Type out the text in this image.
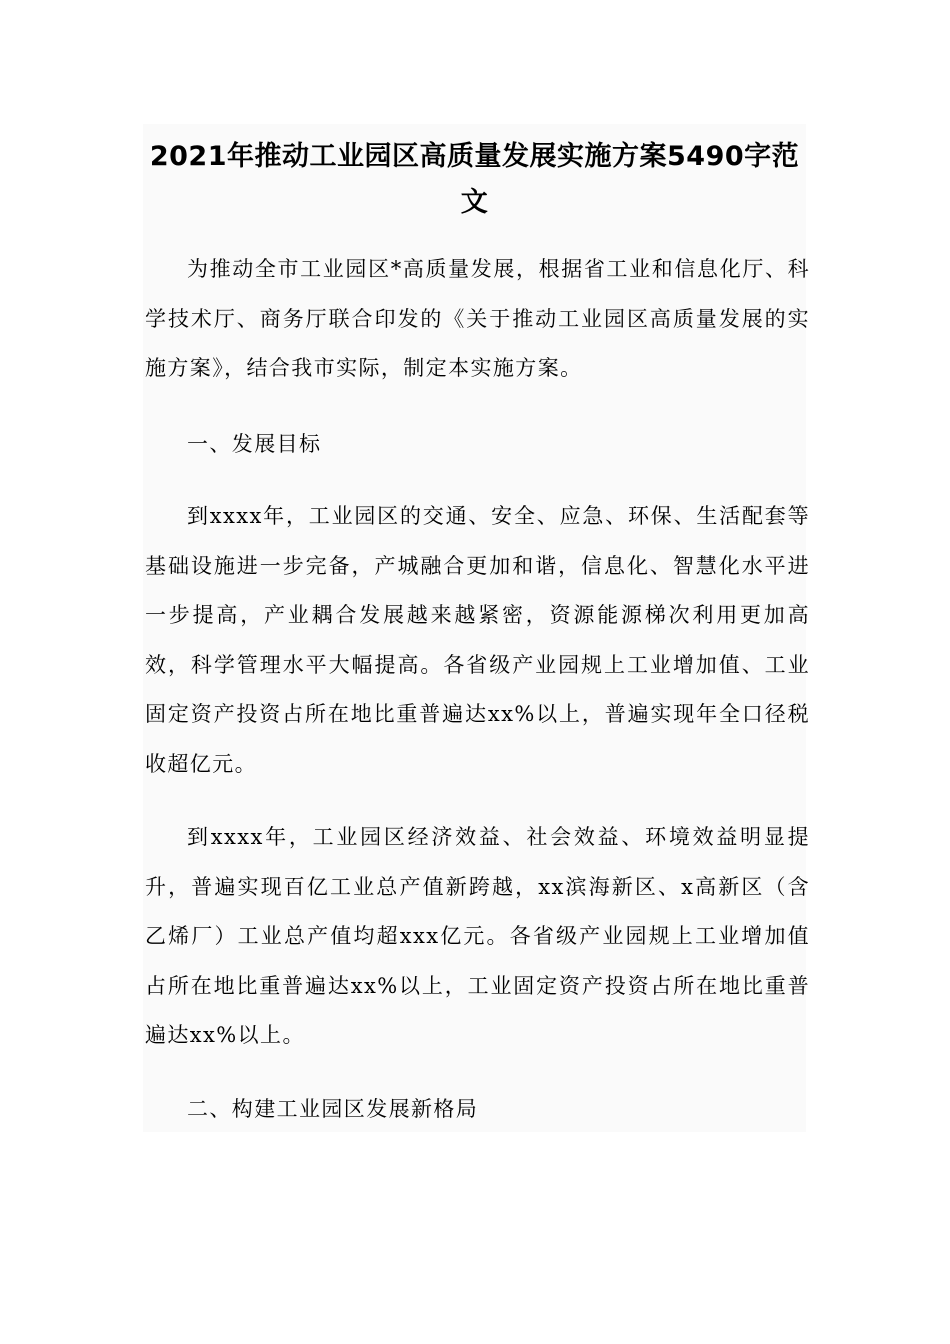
2021年推动工业园区高质量发展实施方案5490字范文

为推动全市工业园区*高质量发展，根据省工业和信息化厅、科学技术厅、商务厅联合印发的《关于推动工业园区高质量发展的实施方案》，结合我市实际，制定本实施方案。

一、发展目标

到xxxx年，工业园区的交通、安全、应急、环保、生活配套等基础设施进一步完备，产城融合更加和谐，信息化、智慧化水平进一步提高，产业耦合发展越来越紧密，资源能源梯次利用更加高效，科学管理水平大幅提高。各省级产业园规上工业增加值、工业固定资产投资占所在地比重普遍达xx%以上，普遍实现年全口径税收超亿元。

到xxxx年，工业园区经济效益、社会效益、环境效益明显提升，普遍实现百亿工业总产值新跨越，xx滨海新区、x高新区（含乙烯厂）工业总产值均超xxx亿元。各省级产业园规上工业增加值占所在地比重普遍达xx%以上，工业固定资产投资占所在地比重普遍达xx%以上。

二、构建工业园区发展新格局
